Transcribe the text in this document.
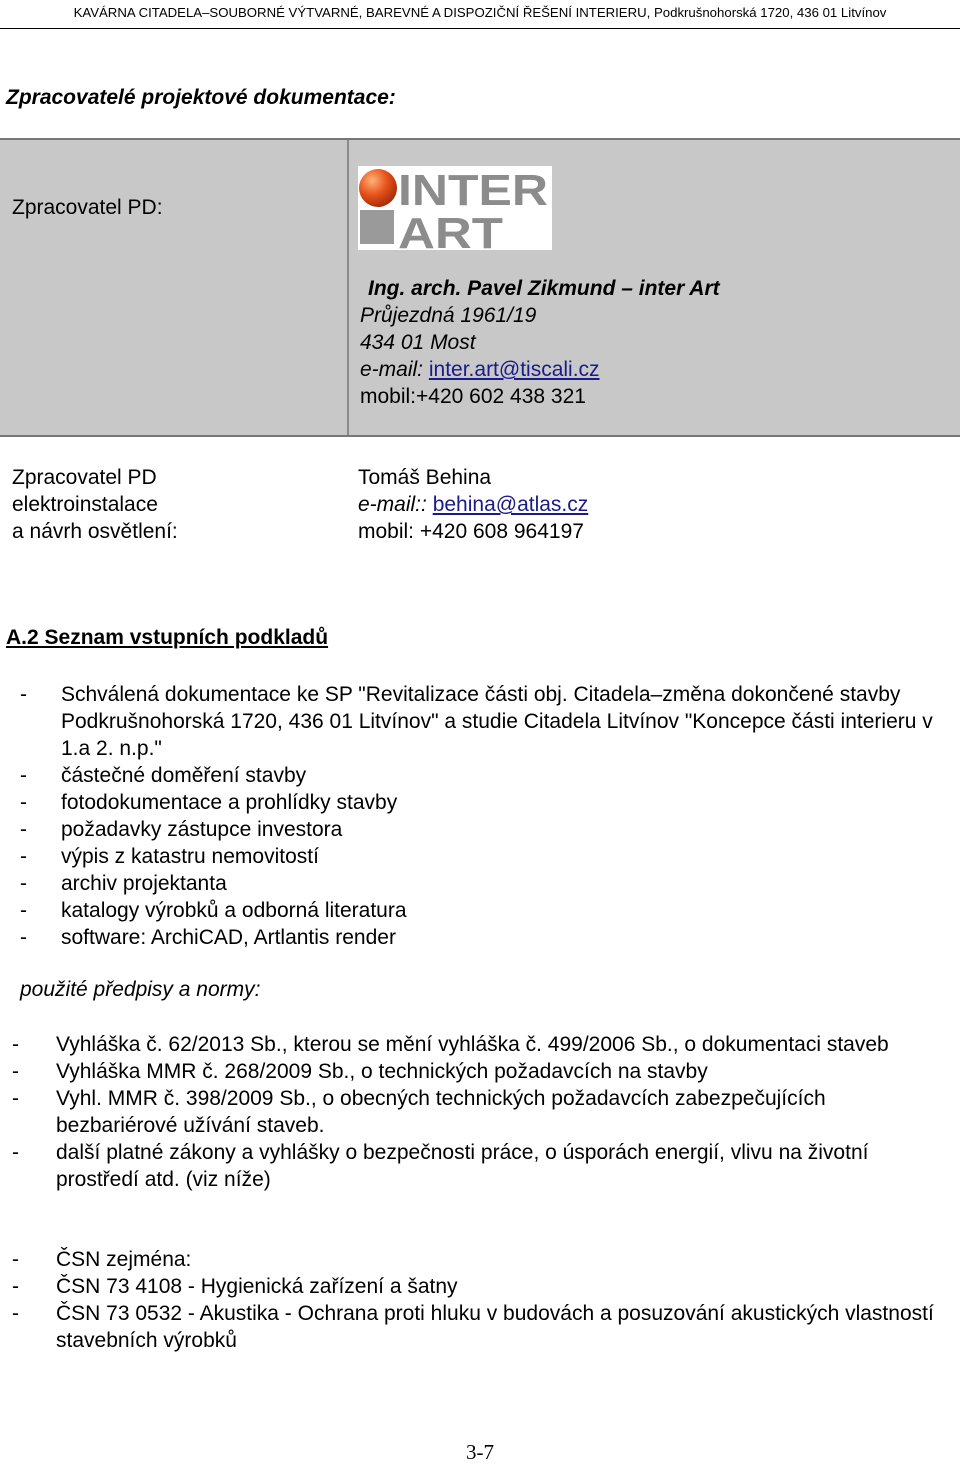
KAVÁRNA CITADELA–SOUBORNÉ VÝTVARNÉ, BAREVNÉ A DISPOZIČNÍ ŘEŠENÍ INTERIERU, Podkrušnohorská 1720, 436 01 Litvínov
Zpracovatelé projektové dokumentace:
Zpracovatel PD:	INTER
ART
Ing. arch. Pavel Zikmund – inter Art
Průjezdná 1961/19
434 01 Most
e-mail: inter.art@tiscali.cz
mobil:+420 602 438 321
Zpracovatel PD
elektroinstalace
a návrh osvětlení:
Tomáš Behina
e-mail:: behina@atlas.cz
mobil: +420 608 964197
A.2 Seznam vstupních podkladů
- Schválená dokumentace ke SP "Revitalizace části obj. Citadela–změna dokončené stavby Podkrušnohorská 1720, 436 01 Litvínov" a studie Citadela Litvínov "Koncepce části interieru v 1.a 2. n.p."
- částečné doměření stavby
- fotodokumentace a prohlídky stavby
- požadavky zástupce investora
- výpis z katastru nemovitostí
- archiv projektanta
- katalogy výrobků a odborná literatura
- software: ArchiCAD, Artlantis render
použité předpisy a normy:
- Vyhláška č. 62/2013 Sb., kterou se mění vyhláška č. 499/2006 Sb., o dokumentaci staveb
- Vyhláška MMR č. 268/2009 Sb., o technických požadavcích na stavby
- Vyhl. MMR č. 398/2009 Sb., o obecných technických požadavcích zabezpečujících bezbariérové užívání staveb.
- další platné zákony a vyhlášky o bezpečnosti práce, o úsporách energií, vlivu na životní prostředí atd. (viz níže)
- ČSN zejména:
- ČSN 73 4108 - Hygienická zařízení a šatny
- ČSN 73 0532 - Akustika - Ochrana proti hluku v budovách a posuzování akustických vlastností stavebních výrobků
3-7
